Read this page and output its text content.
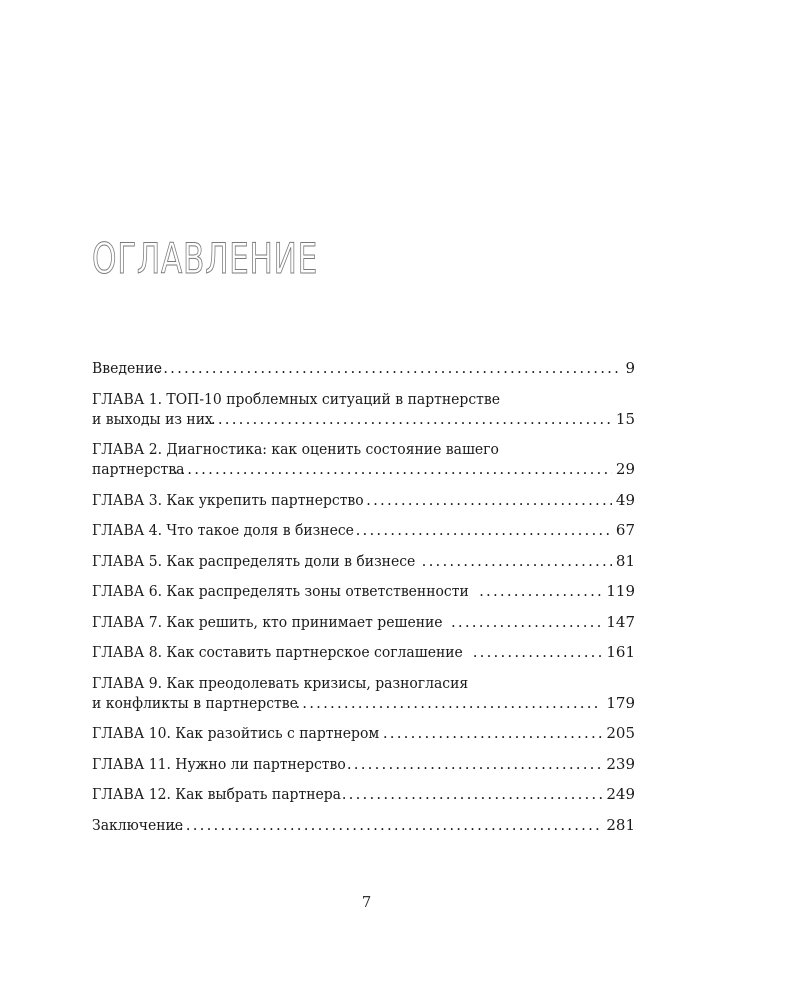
ОГЛАВЛЕНИЕ
Введение . . .	9
ГЛАВА 1. ТОП‑10 проблемных ситуаций в партнерстве
и выходы из них . . .	15
ГЛАВА 2. Диагностика: как оценить состояние вашего
партнерства . . .	29
ГЛАВА 3. Как укрепить партнерство . . .	49
ГЛАВА 4. Что такое доля в бизнесе . . .	67
ГЛАВА 5. Как распределять доли в бизнесе . . .	81
ГЛАВА 6. Как распределять зоны ответственности . . .	119
ГЛАВА 7. Как решить, кто принимает решение . . .	147
ГЛАВА 8. Как составить партнерское соглашение . . .	161
ГЛАВА 9. Как преодолевать кризисы, разногласия
и конфликты в партнерстве . . .	179
ГЛАВА 10. Как разойтись с партнером . . .	205
ГЛАВА 11. Нужно ли партнерство . . .	239
ГЛАВА 12. Как выбрать партнера . . .	249
Заключение . . .	281
7
